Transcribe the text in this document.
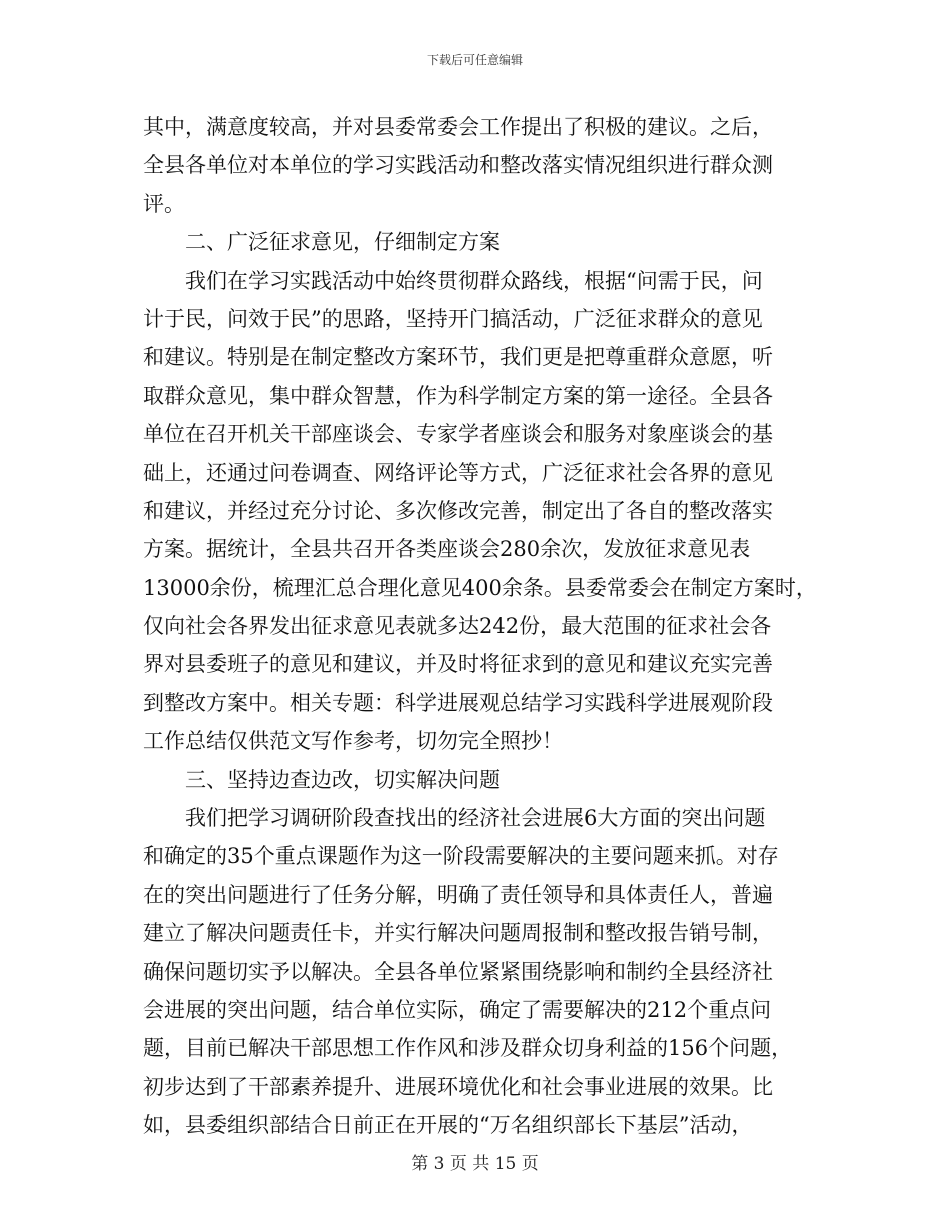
下载后可任意编辑
其中，满意度较高，并对县委常委会工作提出了积极的建议。之后，
全县各单位对本单位的学习实践活动和整改落实情况组织进行群众测
评。
二、广泛征求意见，仔细制定方案
我们在学习实践活动中始终贯彻群众路线，根据“问需于民，问
计于民，问效于民”的思路，坚持开门搞活动，广泛征求群众的意见
和建议。特别是在制定整改方案环节，我们更是把尊重群众意愿，听
取群众意见，集中群众智慧，作为科学制定方案的第一途径。全县各
单位在召开机关干部座谈会、专家学者座谈会和服务对象座谈会的基
础上，还通过问卷调查、网络评论等方式，广泛征求社会各界的意见
和建议，并经过充分讨论、多次修改完善，制定出了各自的整改落实
方案。据统计，全县共召开各类座谈会280余次，发放征求意见表
13000余份，梳理汇总合理化意见400余条。县委常委会在制定方案时，
仅向社会各界发出征求意见表就多达242份，最大范围的征求社会各
界对县委班子的意见和建议，并及时将征求到的意见和建议充实完善
到整改方案中。相关专题：科学进展观总结学习实践科学进展观阶段
工作总结仅供范文写作参考，切勿完全照抄！
三、坚持边查边改，切实解决问题
我们把学习调研阶段查找出的经济社会进展6大方面的突出问题
和确定的35个重点课题作为这一阶段需要解决的主要问题来抓。对存
在的突出问题进行了任务分解，明确了责任领导和具体责任人，普遍
建立了解决问题责任卡，并实行解决问题周报制和整改报告销号制，
确保问题切实予以解决。全县各单位紧紧围绕影响和制约全县经济社
会进展的突出问题，结合单位实际，确定了需要解决的212个重点问
题，目前已解决干部思想工作作风和涉及群众切身利益的156个问题，
初步达到了干部素养提升、进展环境优化和社会事业进展的效果。比
如，县委组织部结合日前正在开展的“万名组织部长下基层”活动，
第 3 页 共 15 页
